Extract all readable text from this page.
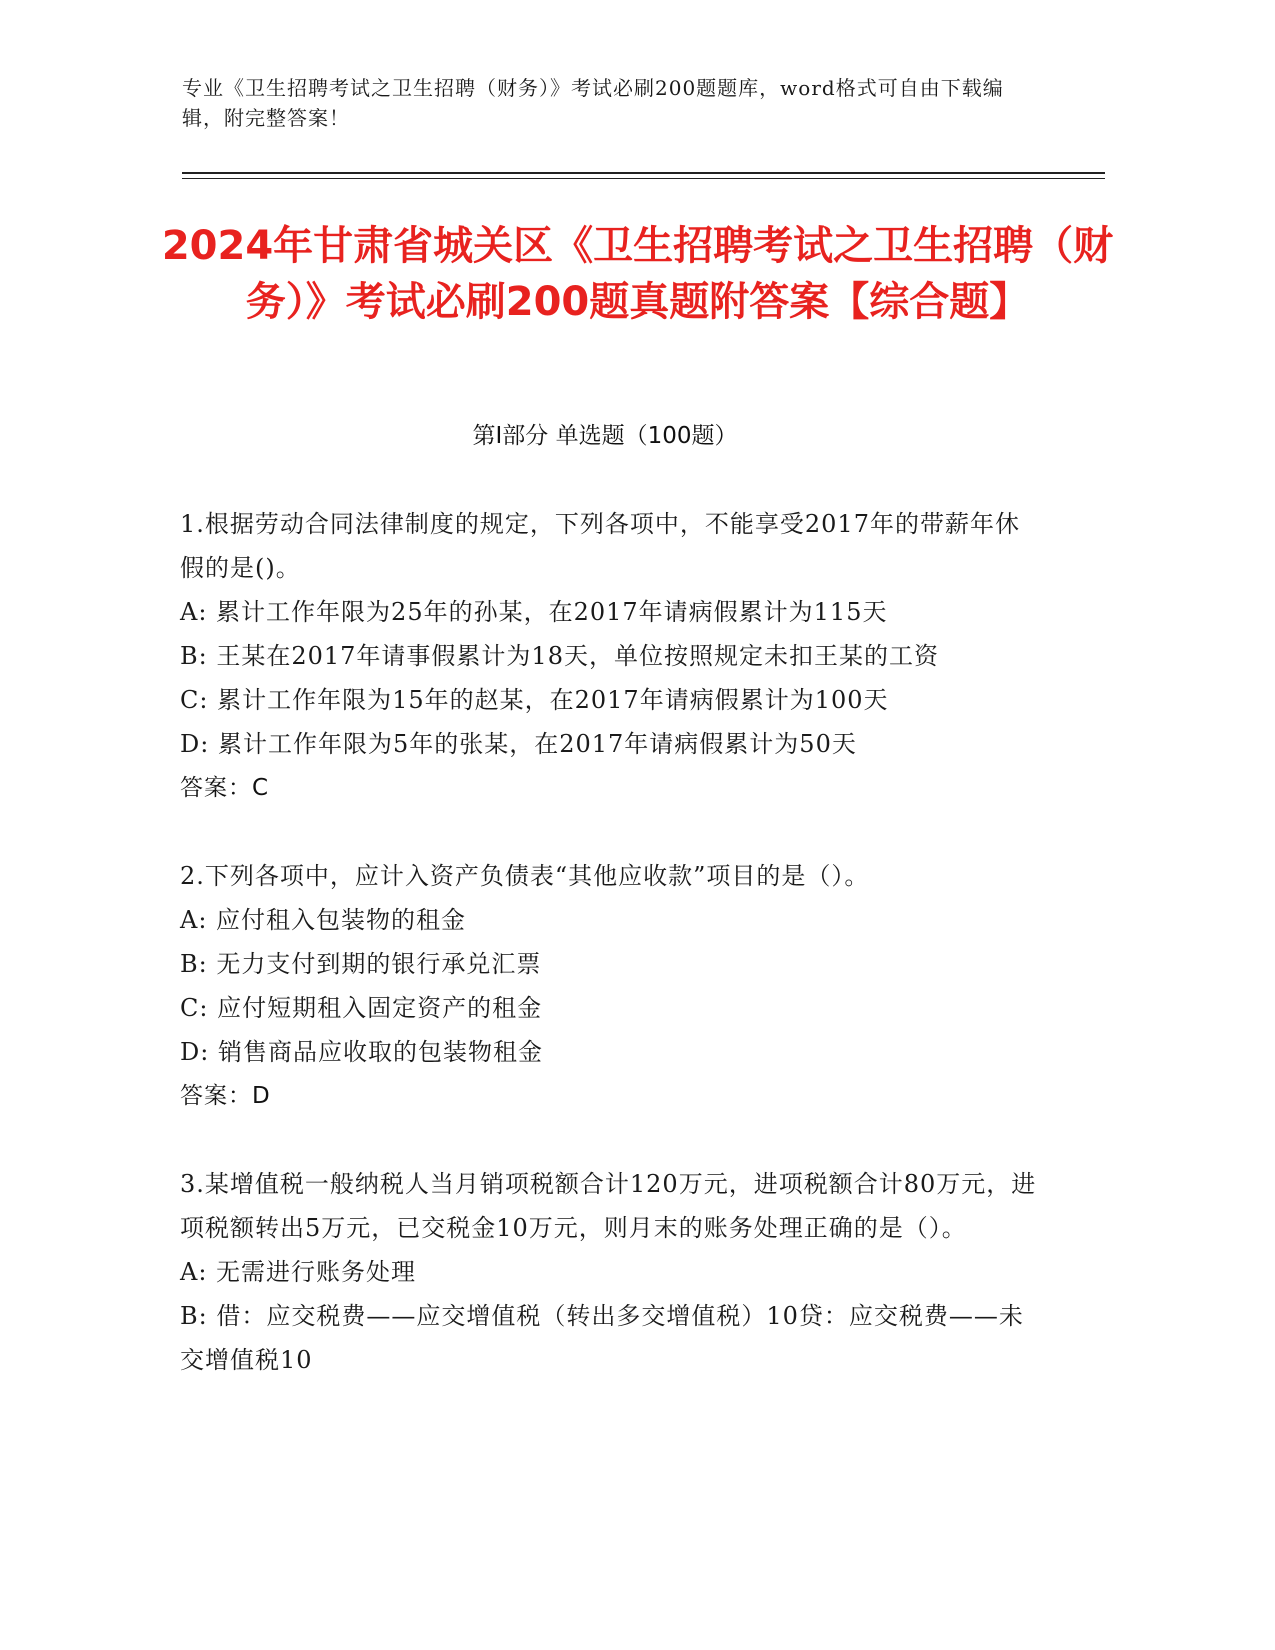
专业《卫生招聘考试之卫生招聘（财务）》考试必刷200题题库，word格式可自由下载编辑，附完整答案！
2024年甘肃省城关区《卫生招聘考试之卫生招聘（财务）》考试必刷200题真题附答案【综合题】
第Ⅰ部分 单选题（100题）
1.根据劳动合同法律制度的规定，下列各项中，不能享受2017年的带薪年休假的是()。
A: 累计工作年限为25年的孙某，在2017年请病假累计为115天
B: 王某在2017年请事假累计为18天，单位按照规定未扣王某的工资
C: 累计工作年限为15年的赵某，在2017年请病假累计为100天
D: 累计工作年限为5年的张某，在2017年请病假累计为50天
答案：C
2.下列各项中，应计入资产负债表“其他应收款”项目的是（）。
A: 应付租入包装物的租金
B: 无力支付到期的银行承兑汇票
C: 应付短期租入固定资产的租金
D: 销售商品应收取的包装物租金
答案：D
3.某增值税一般纳税人当月销项税额合计120万元，进项税额合计80万元，进项税额转出5万元，已交税金10万元，则月末的账务处理正确的是（）。
A: 无需进行账务处理
B: 借：应交税费——应交增值税（转出多交增值税）10贷：应交税费——未交增值税10
